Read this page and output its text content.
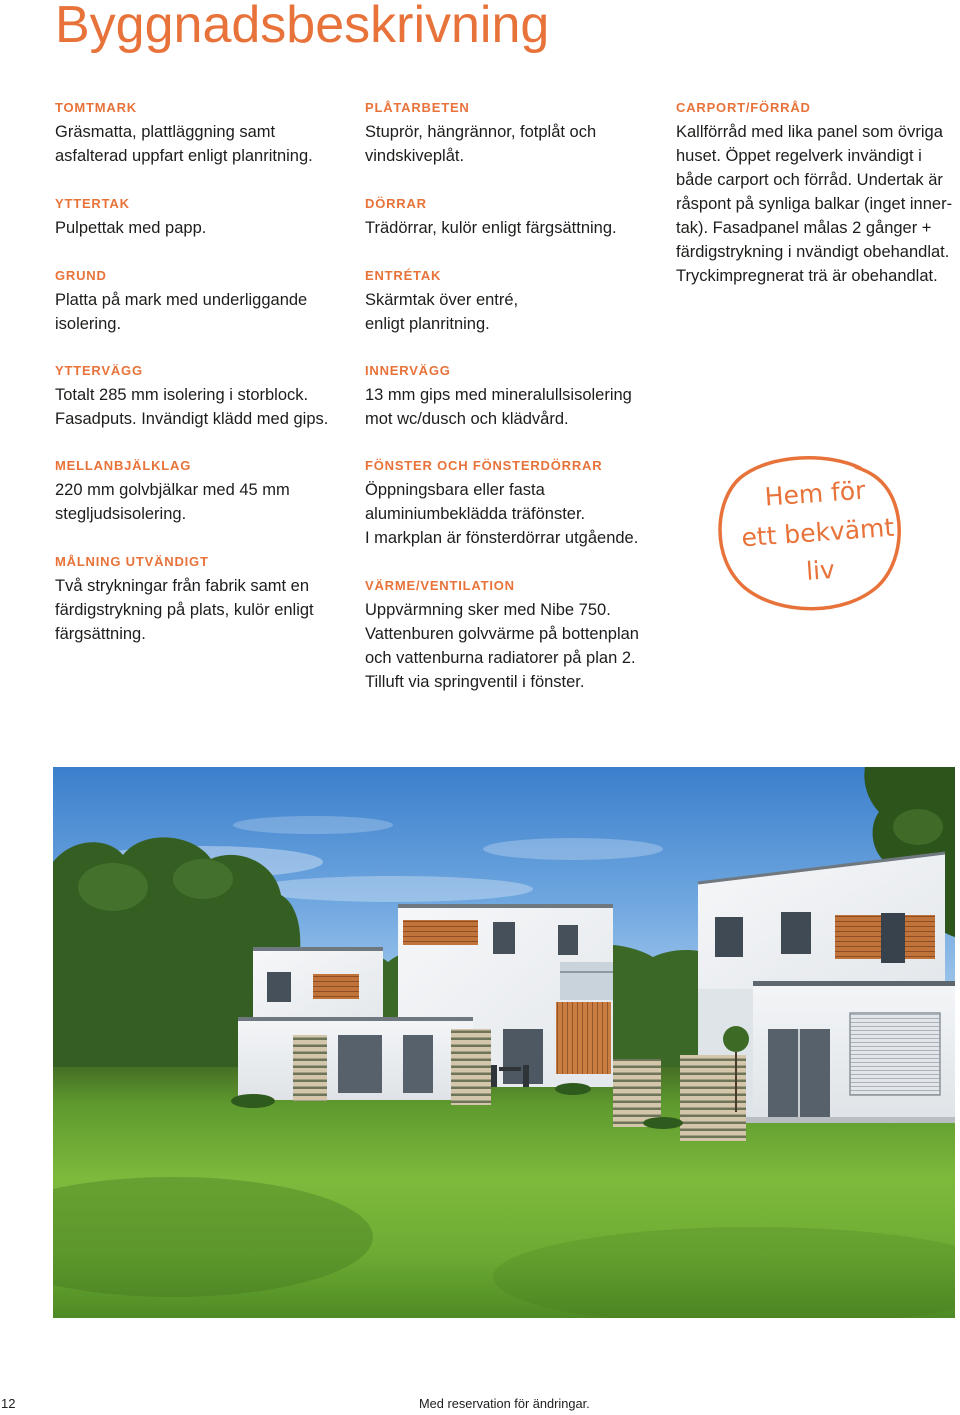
Byggnadsbeskrivning
TOMTMARK
Gräsmatta, plattläggning samt
asfalterad uppfart enligt planritning.
YTTERTAK
Pulpettak med papp.
GRUND
Platta på mark med underliggande
isolering.
PLÅTARBETEN
Stuprör, hängrännor, fotplåt och
vindskiveplåt.
DÖRRAR
Trädörrar, kulör enligt färgsättning.
ENTRÉTAK
Skärmtak över entré,
enligt planritning.
CARPORT/FÖRRÅD
Kallförråd med lika panel som övriga
huset. Öppet regelverk invändigt i
både carport och förråd. Undertak är
råspont på synliga balkar (inget inner-
tak). Fasadpanel målas 2 gånger +
färdigstrykning i nvändigt obehandlat.
Tryckimpregnerat trä är obehandlat.
YTTERVÄGG
Totalt 285 mm isolering i storblock.
Fasadputs. Invändigt klädd med gips.
INNERVÄGG
13 mm gips med mineralullsisolering
mot wc/dusch och klädvård.
MELLANBJÄLKLAG
220 mm golvbjälkar med 45 mm
stegljudsisolering.
MÅLNING UTVÄNDIGT
Två strykningar från fabrik samt en
färdigstrykning på plats, kulör enligt
färgsättning.
FÖNSTER OCH FÖNSTERDÖRRAR
Öppningsbara eller fasta
aluminiumbeklädda träfönster.
I markplan är fönsterdörrar utgående.
VÄRME/VENTILATION
Uppvärmning sker med Nibe 750.
Vattenburen golvvärme på bottenplan
och vattenburna radiatorer på plan 2.
Tilluft via springventil i fönster.
Hem för
ett bekvämt
liv
12	Med reservation för ändringar.
